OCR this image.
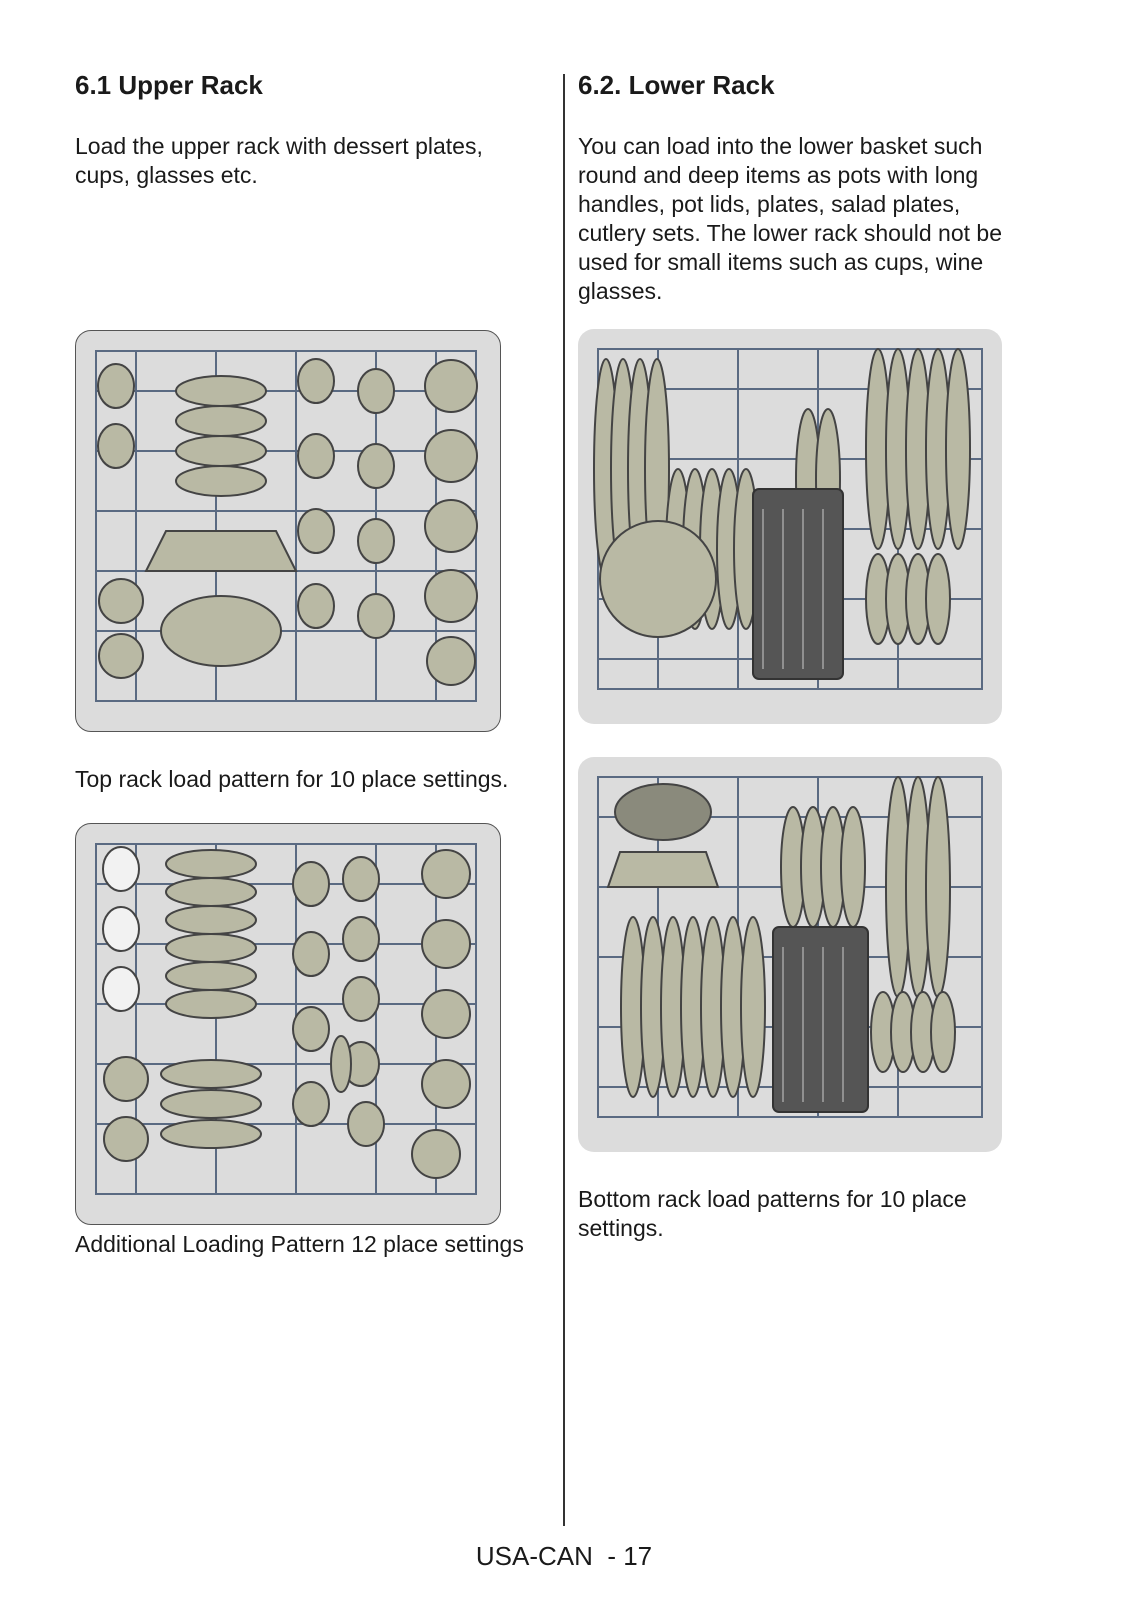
6.1 Upper Rack

Load the upper rack with dessert plates, cups, glasses etc.

Top rack load pattern for 10 place settings.

Additional Loading Pattern 12 place settings

6.2. Lower Rack

You can load into the lower basket such round and deep items as pots with long handles, pot lids, plates, salad plates, cutlery sets. The lower rack should not be used for small items such as cups, wine glasses.

Bottom rack load patterns for 10 place settings.

USA-CAN  - 17
